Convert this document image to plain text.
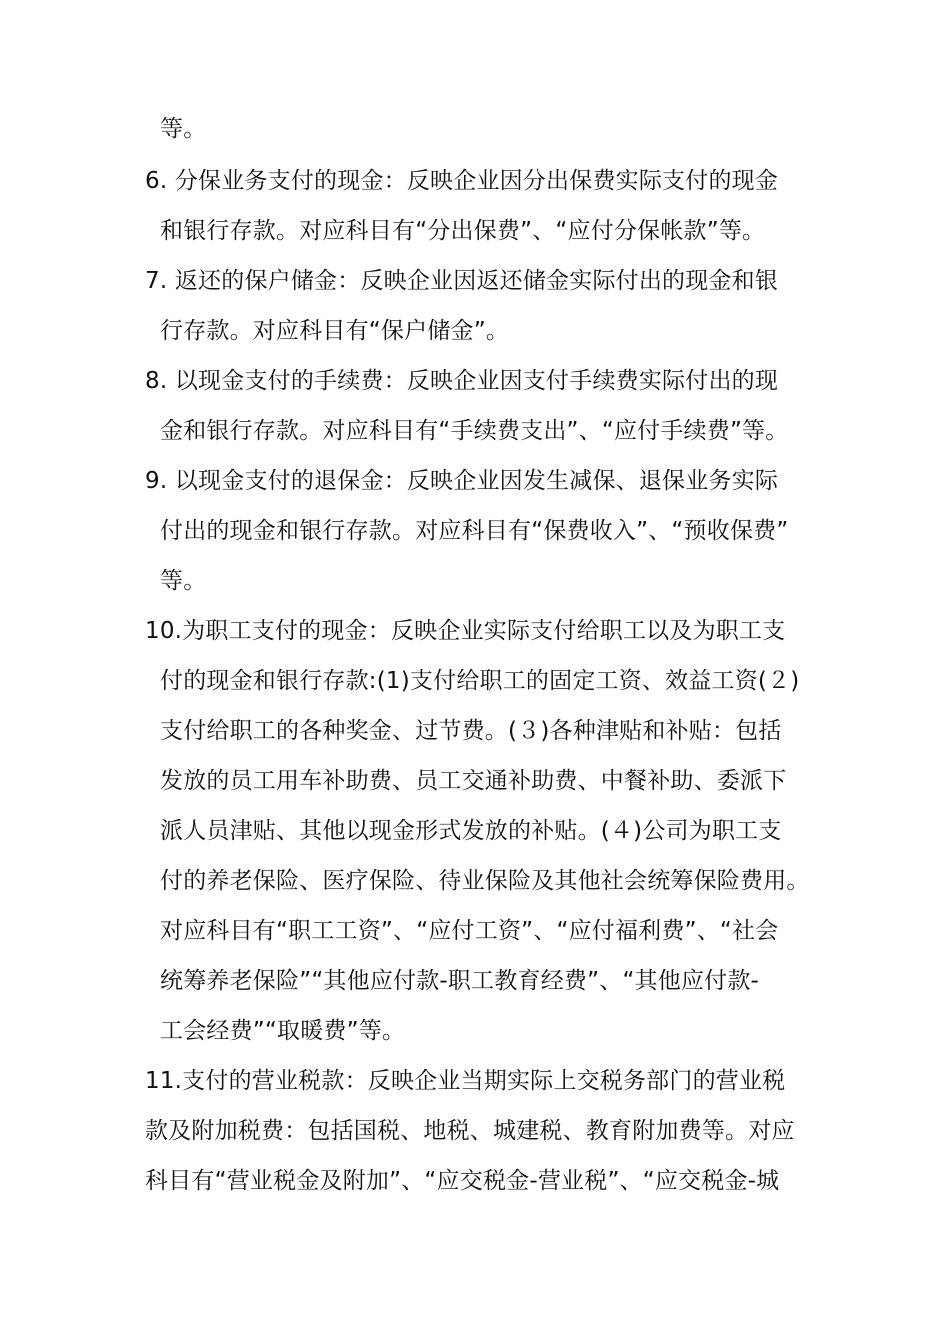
等。
6. 分保业务支付的现金：反映企业因分出保费实际支付的现金
和银行存款。对应科目有“分出保费”、“应付分保帐款”等。
7. 返还的保户储金：反映企业因返还储金实际付出的现金和银
行存款。对应科目有“保户储金”。
8. 以现金支付的手续费：反映企业因支付手续费实际付出的现
金和银行存款。对应科目有“手续费支出”、“应付手续费”等。
9. 以现金支付的退保金：反映企业因发生减保、退保业务实际
付出的现金和银行存款。对应科目有“保费收入”、“预收保费”
等。
10.为职工支付的现金：反映企业实际支付给职工以及为职工支
付的现金和银行存款:(1)支付给职工的固定工资、效益工资(２)
支付给职工的各种奖金、过节费。(３)各种津贴和补贴：包括
发放的员工用车补助费、员工交通补助费、中餐补助、委派下
派人员津贴、其他以现金形式发放的补贴。(４)公司为职工支
付的养老保险、医疗保险、待业保险及其他社会统筹保险费用。
对应科目有“职工工资”、“应付工资”、“应付福利费”、“社会
统筹养老保险”“其他应付款-职工教育经费”、“其他应付款-
工会经费”“取暖费”等。
11.支付的营业税款：反映企业当期实际上交税务部门的营业税
款及附加税费：包括国税、地税、城建税、教育附加费等。对应
科目有“营业税金及附加”、“应交税金-营业税”、“应交税金-城
